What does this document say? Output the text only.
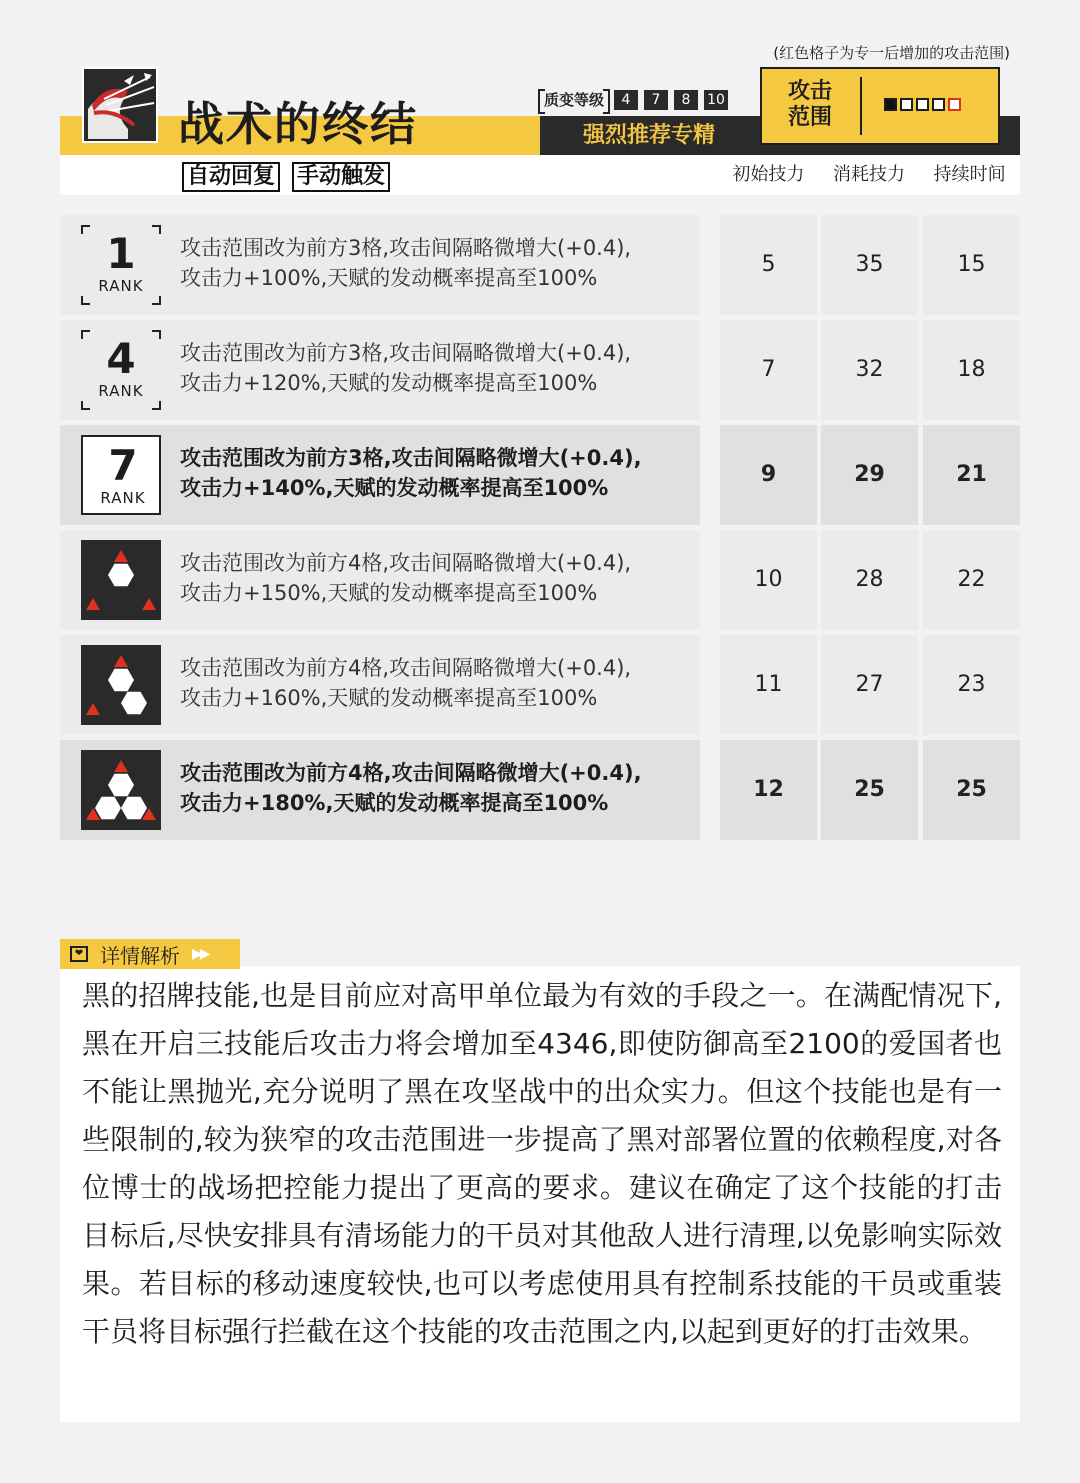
(红色格子为专一后增加的攻击范围)
战术的终结
自动回复 手动触发
质变等级	4	7	8	10
强烈推荐专精
攻击范围
初始技力	消耗技力	持续时间
1
RANK
攻击范围改为前方3格,攻击间隔略微增大(+0.4),
攻击力+100%,天赋的发动概率提高至100%
5	35	15
4
RANK
攻击范围改为前方3格,攻击间隔略微增大(+0.4),
攻击力+120%,天赋的发动概率提高至100%
7	32	18
7
RANK
攻击范围改为前方3格,攻击间隔略微增大(+0.4),
攻击力+140%,天赋的发动概率提高至100%
9	29	21
攻击范围改为前方4格,攻击间隔略微增大(+0.4),
攻击力+150%,天赋的发动概率提高至100%
10	28	22
攻击范围改为前方4格,攻击间隔略微增大(+0.4),
攻击力+160%,天赋的发动概率提高至100%
11	27	23
攻击范围改为前方4格,攻击间隔略微增大(+0.4),
攻击力+180%,天赋的发动概率提高至100%
12	25	25
❤ 详情解析 ▶▶
黑的招牌技能,也是目前应对高甲单位最为有效的手段之一。在满配情况下,黑在开启三技能后攻击力将会增加至4346,即使防御高至2100的爱国者也不能让黑抛光,充分说明了黑在攻坚战中的出众实力。但这个技能也是有一些限制的,较为狭窄的攻击范围进一步提高了黑对部署位置的依赖程度,对各位博士的战场把控能力提出了更高的要求。建议在确定了这个技能的打击目标后,尽快安排具有清场能力的干员对其他敌人进行清理,以免影响实际效果。若目标的移动速度较快,也可以考虑使用具有控制系技能的干员或重装干员将目标强行拦截在这个技能的攻击范围之内,以起到更好的打击效果。
